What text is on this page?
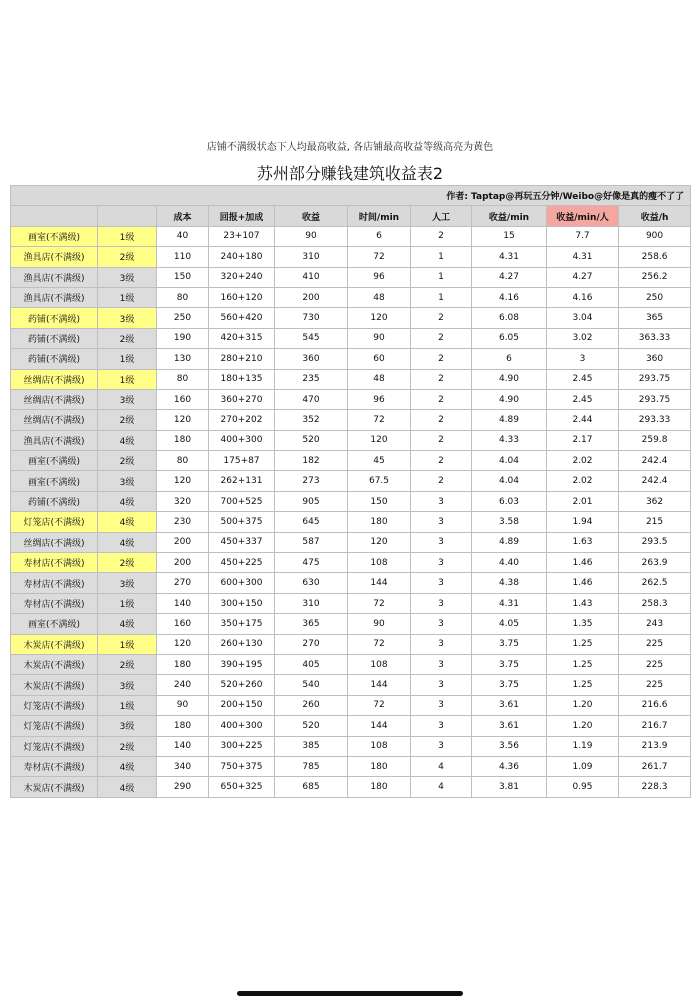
店铺不满级状态下人均最高收益, 各店铺最高收益等级高亮为黄色
苏州部分赚钱建筑收益表2
作者: Taptap@再玩五分钟/Weibo@好像是真的瘦不了了									
		成本	回报+加成	收益	时间/min	人工	收益/min	收益/min/人	收益/h
画室(不满级)	1级	40	23+107	90	6	2	15	7.7	900
渔具店(不满级)	2级	110	240+180	310	72	1	4.31	4.31	258.6
渔具店(不满级)	3级	150	320+240	410	96	1	4.27	4.27	256.2
渔具店(不满级)	1级	80	160+120	200	48	1	4.16	4.16	250
药铺(不满级)	3级	250	560+420	730	120	2	6.08	3.04	365
药铺(不满级)	2级	190	420+315	545	90	2	6.05	3.02	363.33
药铺(不满级)	1级	130	280+210	360	60	2	6	3	360
丝绸店(不满级)	1级	80	180+135	235	48	2	4.90	2.45	293.75
丝绸店(不满级)	3级	160	360+270	470	96	2	4.90	2.45	293.75
丝绸店(不满级)	2级	120	270+202	352	72	2	4.89	2.44	293.33
渔具店(不满级)	4级	180	400+300	520	120	2	4.33	2.17	259.8
画室(不满级)	2级	80	175+87	182	45	2	4.04	2.02	242.4
画室(不满级)	3级	120	262+131	273	67.5	2	4.04	2.02	242.4
药铺(不满级)	4级	320	700+525	905	150	3	6.03	2.01	362
灯笼店(不满级)	4级	230	500+375	645	180	3	3.58	1.94	215
丝绸店(不满级)	4级	200	450+337	587	120	3	4.89	1.63	293.5
寿材店(不满级)	2级	200	450+225	475	108	3	4.40	1.46	263.9
寿材店(不满级)	3级	270	600+300	630	144	3	4.38	1.46	262.5
寿材店(不满级)	1级	140	300+150	310	72	3	4.31	1.43	258.3
画室(不满级)	4级	160	350+175	365	90	3	4.05	1.35	243
木炭店(不满级)	1级	120	260+130	270	72	3	3.75	1.25	225
木炭店(不满级)	2级	180	390+195	405	108	3	3.75	1.25	225
木炭店(不满级)	3级	240	520+260	540	144	3	3.75	1.25	225
灯笼店(不满级)	1级	90	200+150	260	72	3	3.61	1.20	216.6
灯笼店(不满级)	3级	180	400+300	520	144	3	3.61	1.20	216.7
灯笼店(不满级)	2级	140	300+225	385	108	3	3.56	1.19	213.9
寿材店(不满级)	4级	340	750+375	785	180	4	4.36	1.09	261.7
木炭店(不满级)	4级	290	650+325	685	180	4	3.81	0.95	228.3
